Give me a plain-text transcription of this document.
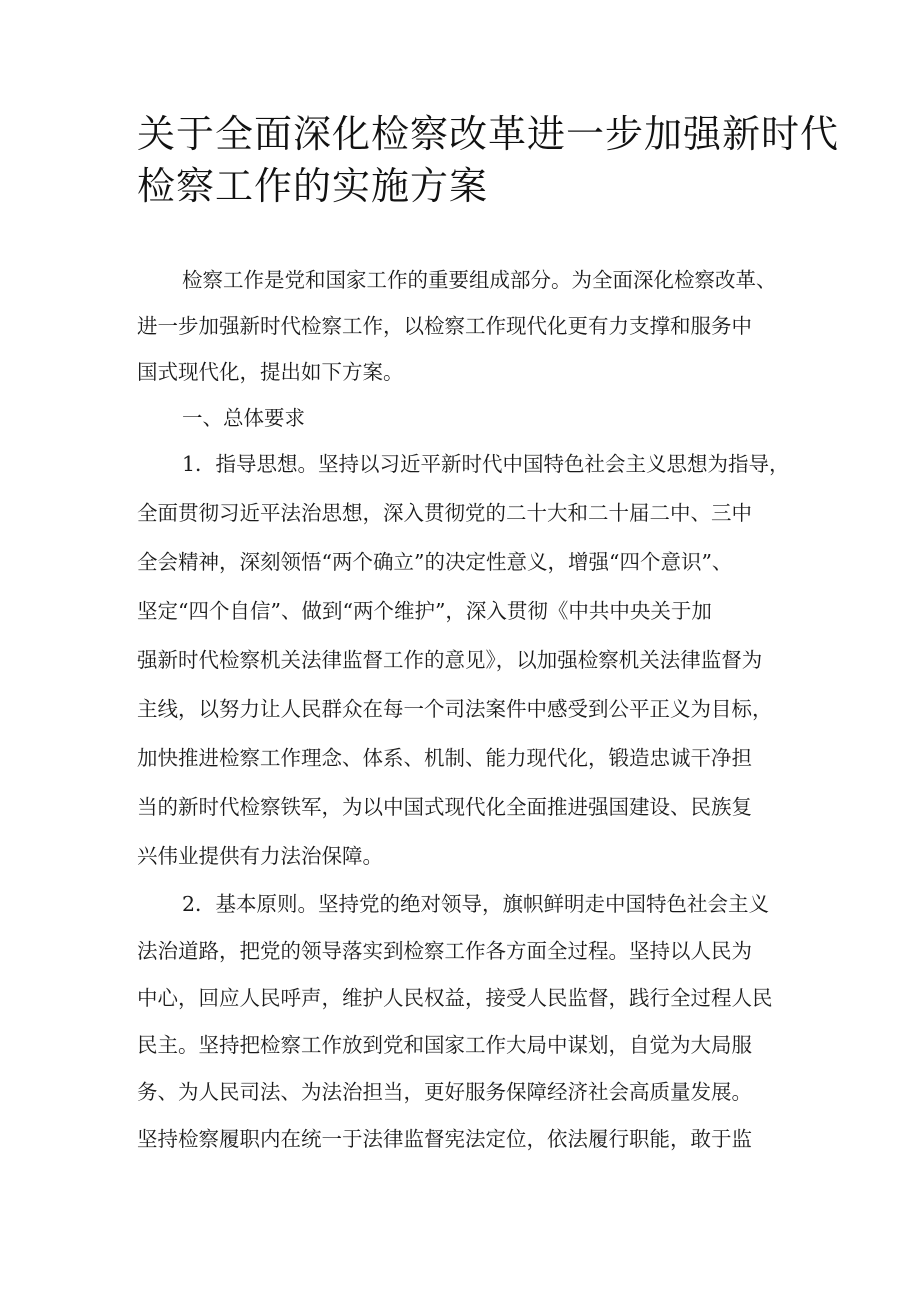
关于全面深化检察改革进一步加强新时代
检察工作的实施方案
检察工作是党和国家工作的重要组成部分。为全面深化检察改革、
进一步加强新时代检察工作，以检察工作现代化更有力支撑和服务中
国式现代化，提出如下方案。
一、总体要求
1．指导思想。坚持以习近平新时代中国特色社会主义思想为指导，
全面贯彻习近平法治思想，深入贯彻党的二十大和二十届二中、三中
全会精神，深刻领悟“两个确立”的决定性意义，增强“四个意识”、
坚定“四个自信”、做到“两个维护”，深入贯彻《中共中央关于加
强新时代检察机关法律监督工作的意见》，以加强检察机关法律监督为
主线，以努力让人民群众在每一个司法案件中感受到公平正义为目标，
加快推进检察工作理念、体系、机制、能力现代化，锻造忠诚干净担
当的新时代检察铁军，为以中国式现代化全面推进强国建设、民族复
兴伟业提供有力法治保障。
2．基本原则。坚持党的绝对领导，旗帜鲜明走中国特色社会主义
法治道路，把党的领导落实到检察工作各方面全过程。坚持以人民为
中心，回应人民呼声，维护人民权益，接受人民监督，践行全过程人民
民主。坚持把检察工作放到党和国家工作大局中谋划，自觉为大局服
务、为人民司法、为法治担当，更好服务保障经济社会高质量发展。
坚持检察履职内在统一于法律监督宪法定位，依法履行职能，敢于监
